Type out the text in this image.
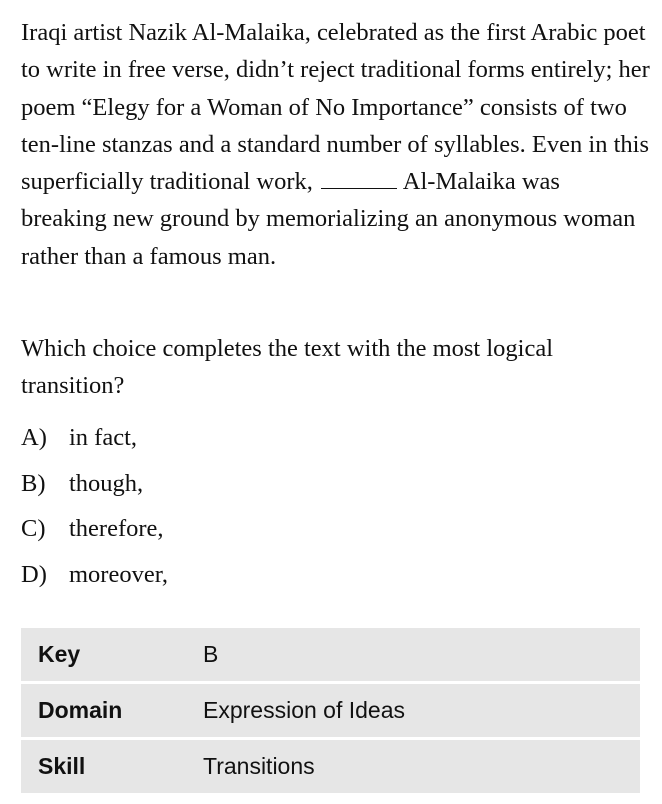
Iraqi artist Nazik Al-Malaika, celebrated as the first Arabic poet to write in free verse, didn’t reject traditional forms entirely; her poem “Elegy for a Woman of No Importance” consists of two ten-line stanzas and a standard number of syllables. Even in this superficially traditional work,	Al-Malaika was breaking new ground by memorializing an anonymous woman rather than a famous man.

Which choice completes the text with the most logical transition?

A) in fact,
B) though,
C) therefore,
D) moreover,
Key	B
Domain	Expression of Ideas
Skill	Transitions
